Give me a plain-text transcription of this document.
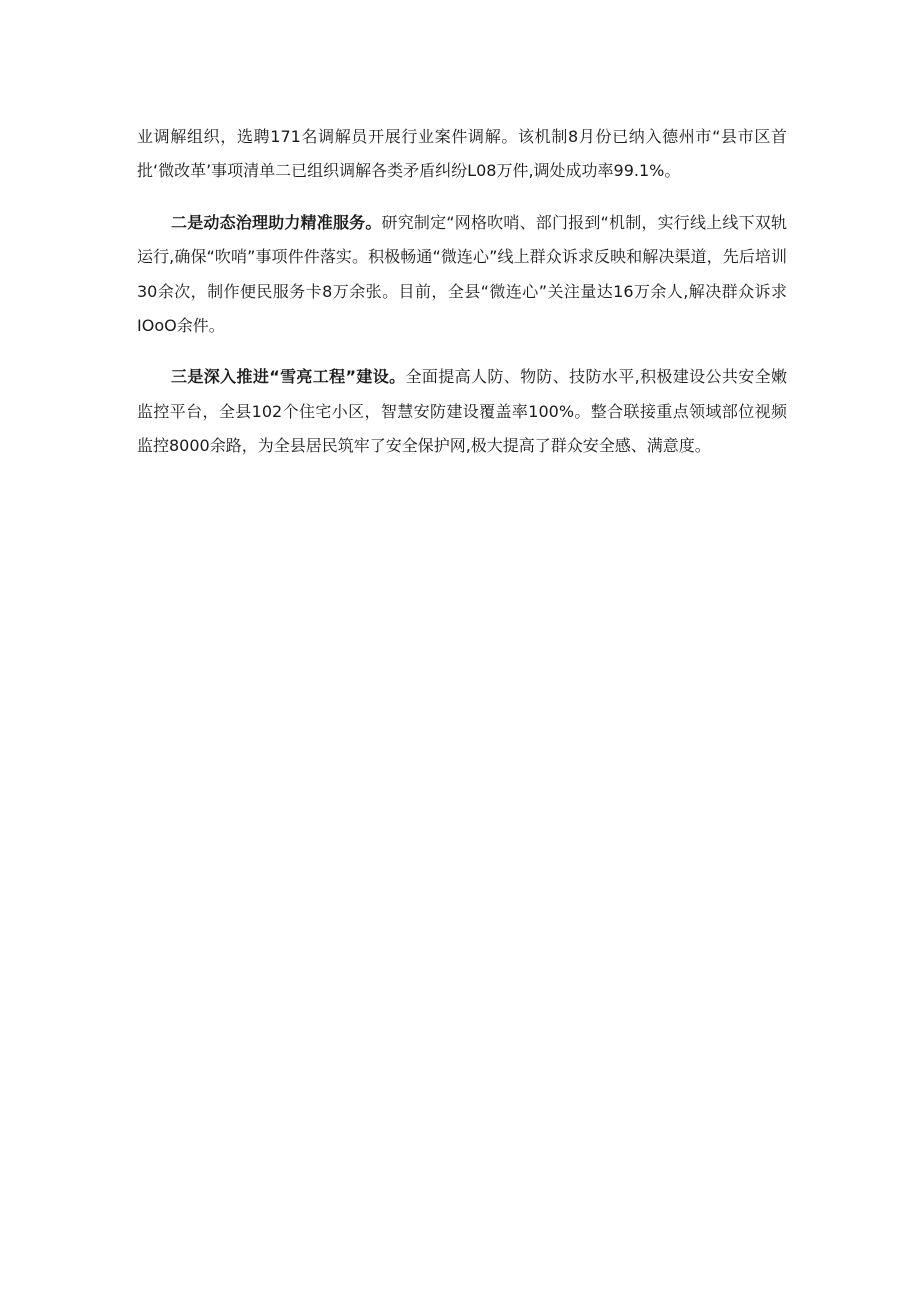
业调解组织，选聘171名调解员开展行业案件调解。该机制8月份已纳入德州市“县市区首批‘微改革’事项清单二已组织调解各类矛盾纠纷L08万件,调处成功率99.1%。

二是动态治理助力精准服务。研究制定“网格吹哨、部门报到“机制，实行线上线下双轨运行,确保“吹哨”事项件件落实。积极畅通“微连心”线上群众诉求反映和解决渠道，先后培训30余次，制作便民服务卡8万余张。目前，全县“微连心”关注量达16万余人,解决群众诉求IOoO余件。

三是深入推进“雪亮工程”建设。全面提高人防、物防、技防水平,积极建设公共安全嫩监控平台，全县102个住宅小区，智慧安防建设覆盖率100%。整合联接重点领域部位视频监控8000余路，为全县居民筑牢了安全保护网,极大提高了群众安全感、满意度。
